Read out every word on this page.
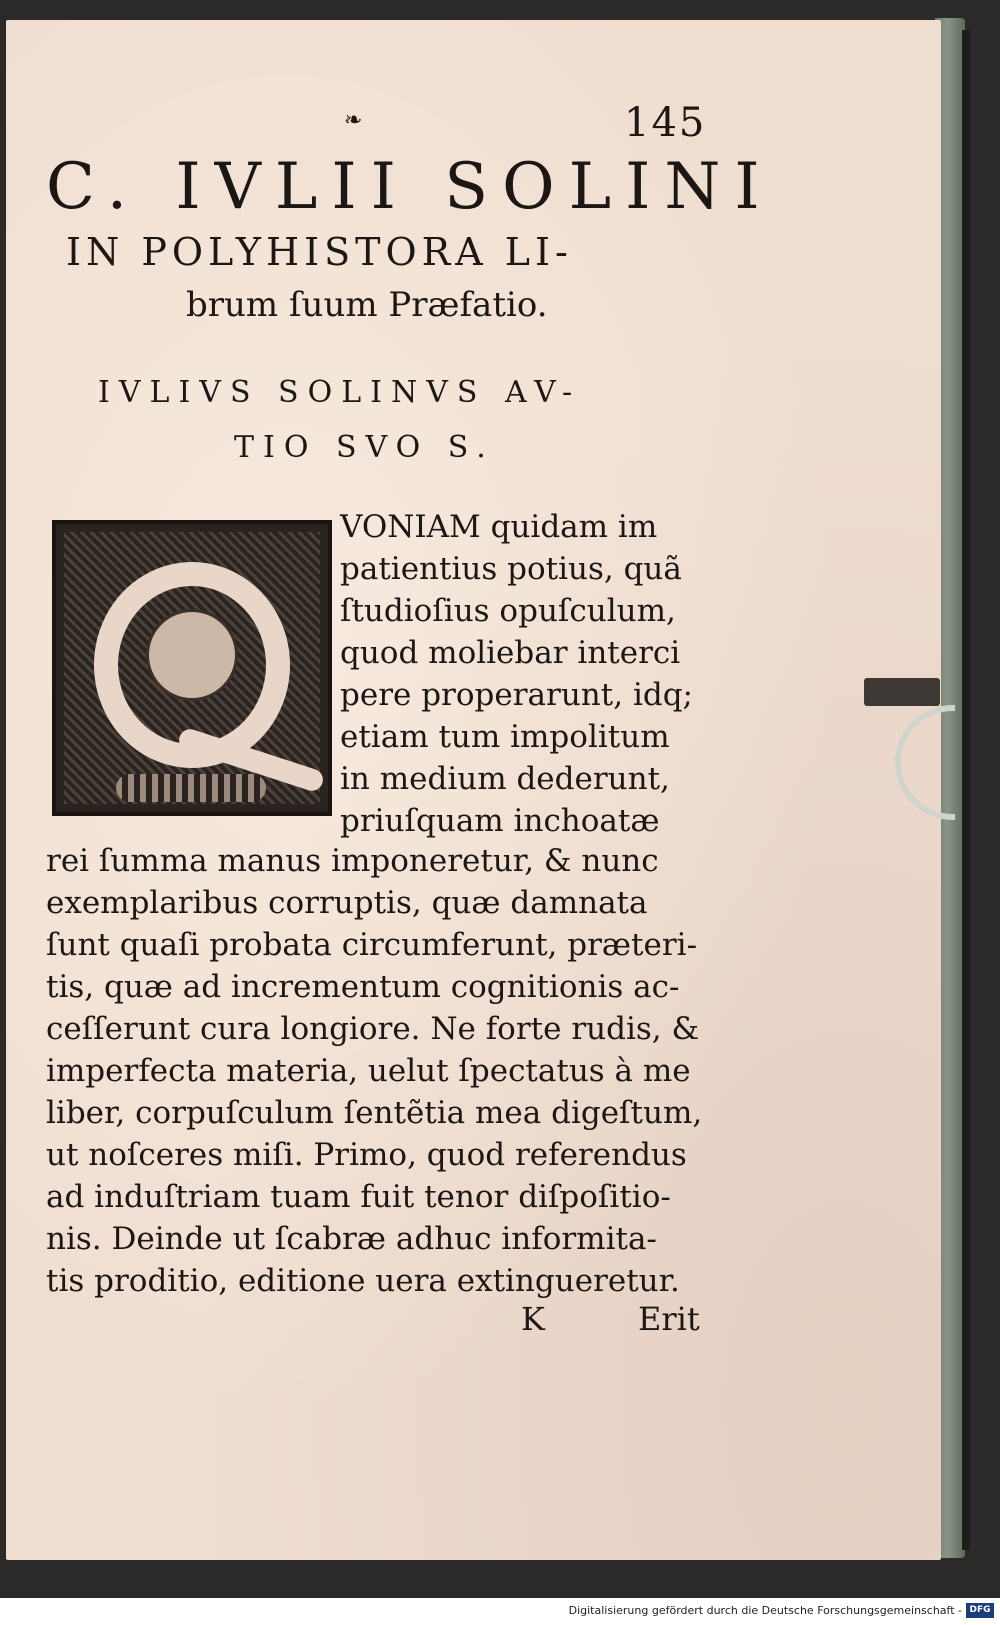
❧	145
C. IVLII SOLINI
IN POLYHISTORA LI-
brum ſuum Præfatio.
IVLIVS SOLINVS AV-
TIO SVO S.
VONIAM quidam im
patientius potius, quã
ſtudioſius opuſculum,
quod moliebar interci
pere properarunt, idq;
etiam tum impolitum
in medium dederunt,
priuſquam inchoatæ
rei ſumma manus imponeretur, & nunc
exemplaribus corruptis, quæ damnata
ſunt quaſi probata circumferunt, præteri-
tis, quæ ad incrementum cognitionis ac-
ceſſerunt cura longiore. Ne forte rudis, &
imperfecta materia, uelut ſpectatus à me
liber, corpuſculum ſentẽtia mea digeſtum,
ut noſceres miſi. Primo, quod referendus
ad induſtriam tuam fuit tenor diſpoſitio-
nis. Deinde ut ſcabræ adhuc informita-
tis proditio, editione uera extingueretur.
K	Erit
Digitalisierung gefördert durch die Deutsche Forschungsgemeinschaft - DFG
